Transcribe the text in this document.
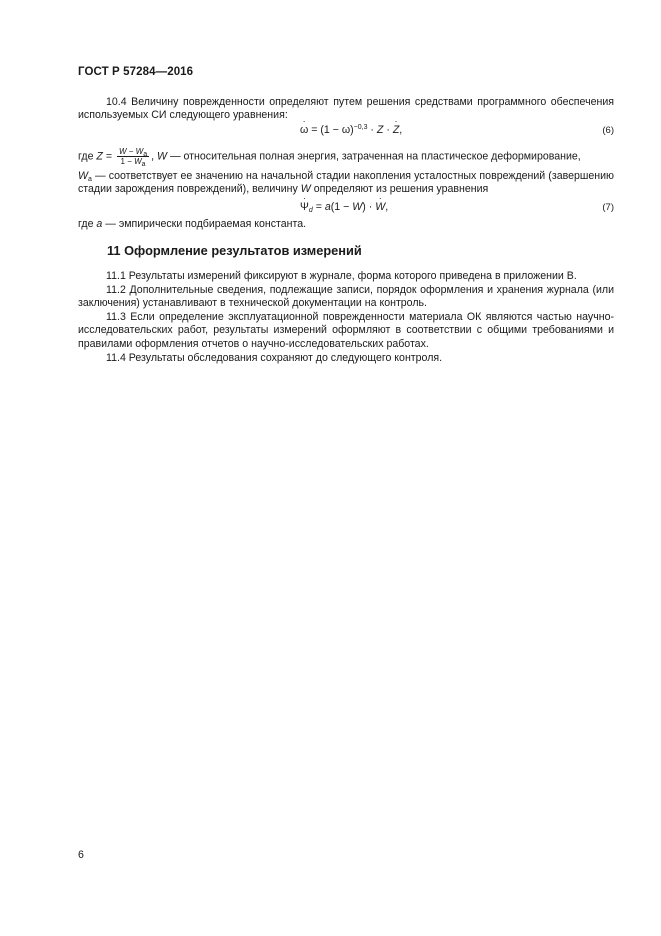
ГОСТ Р 57284—2016
10.4 Величину поврежденности определяют путем решения средствами программного обеспечения используемых СИ следующего уравнения:
· $\omega = (1 - \omega)^{-0,3} \cdot Z$ · · Z,	(6)
где $Z = \frac{W - W_a}{1 - W_a}$ , W — относительная полная энергия, затраченная на пластическое деформирование,
$W_a$ — соответствует ее значению на начальной стадии накопления усталостных повреждений (завершению стадии зарождения повреждений), величину W определяют из решения уравнения
· $\Psi_d = a(1 - W)$ · · W,	(7)
где a — эмпирически подбираемая константа.
11 Оформление результатов измерений
11.1 Результаты измерений фиксируют в журнале, форма которого приведена в приложении В.
11.2 Дополнительные сведения, подлежащие записи, порядок оформления и хранения журнала (или заключения) устанавливают в технической документации на контроль.
11.3 Если определение эксплуатационной поврежденности материала ОК являются частью научно-исследовательских работ, результаты измерений оформляют в соответствии с общими требованиями и правилами оформления отчетов о научно-исследовательских работах.
11.4 Результаты обследования сохраняют до следующего контроля.
6
